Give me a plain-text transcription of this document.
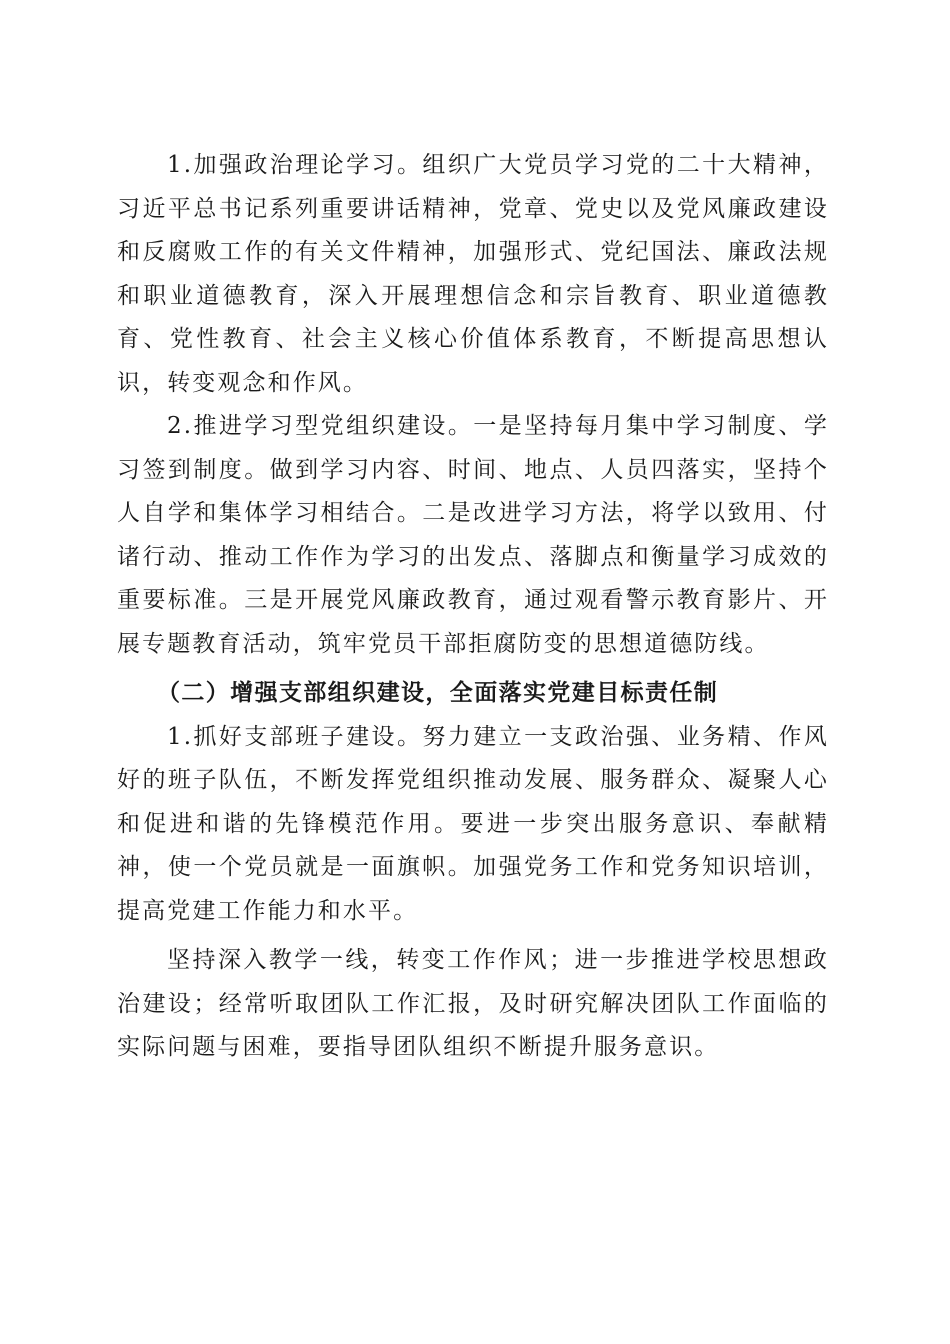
1.加强政治理论学习。组织广大党员学习党的二十大精神，习近平总书记系列重要讲话精神，党章、党史以及党风廉政建设和反腐败工作的有关文件精神，加强形式、党纪国法、廉政法规和职业道德教育，深入开展理想信念和宗旨教育、职业道德教育、党性教育、社会主义核心价值体系教育，不断提高思想认识，转变观念和作风。

2.推进学习型党组织建设。一是坚持每月集中学习制度、学习签到制度。做到学习内容、时间、地点、人员四落实，坚持个人自学和集体学习相结合。二是改进学习方法，将学以致用、付诸行动、推动工作作为学习的出发点、落脚点和衡量学习成效的重要标准。三是开展党风廉政教育，通过观看警示教育影片、开展专题教育活动，筑牢党员干部拒腐防变的思想道德防线。

（二）增强支部组织建设，全面落实党建目标责任制

1.抓好支部班子建设。努力建立一支政治强、业务精、作风好的班子队伍，不断发挥党组织推动发展、服务群众、凝聚人心和促进和谐的先锋模范作用。要进一步突出服务意识、奉献精神，使一个党员就是一面旗帜。加强党务工作和党务知识培训，提高党建工作能力和水平。

坚持深入教学一线，转变工作作风；进一步推进学校思想政治建设；经常听取团队工作汇报，及时研究解决团队工作面临的实际问题与困难，要指导团队组织不断提升服务意识。
